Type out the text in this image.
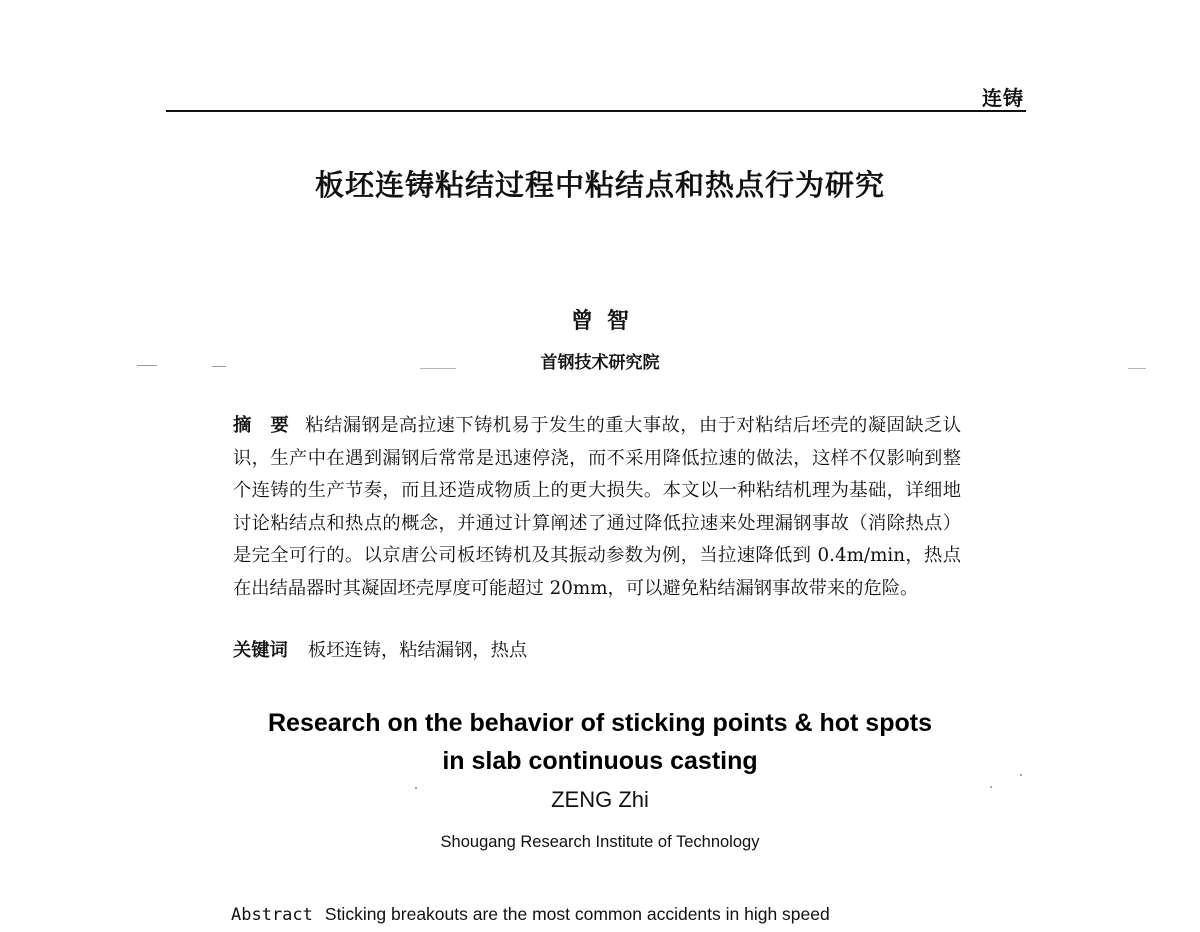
连铸
板坯连铸粘结过程中粘结点和热点行为研究
曾智
首钢技术研究院
摘　要 粘结漏钢是高拉速下铸机易于发生的重大事故，由于对粘结后坯壳的凝固缺乏认识，生产中在遇到漏钢后常常是迅速停浇，而不采用降低拉速的做法，这样不仅影响到整个连铸的生产节奏，而且还造成物质上的更大损失。本文以一种粘结机理为基础，详细地讨论粘结点和热点的概念，并通过计算阐述了通过降低拉速来处理漏钢事故（消除热点）是完全可行的。以京唐公司板坯铸机及其振动参数为例，当拉速降低到 0.4m/min，热点在出结晶器时其凝固坯壳厚度可能超过 20mm，可以避免粘结漏钢事故带来的危险。
关键词 板坯连铸，粘结漏钢，热点
Research on the behavior of sticking points & hot spots
in slab continuous casting
ZENG Zhi
Shougang Research Institute of Technology
Abstract Sticking breakouts are the most common accidents in high speed
